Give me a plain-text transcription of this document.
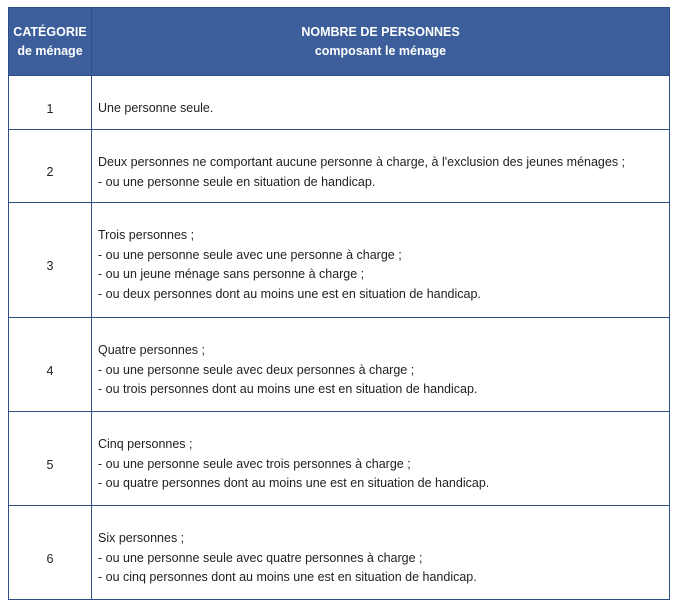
CATÉGORIE
de ménage	NOMBRE DE PERSONNES
composant le ménage

1	Une personne seule.

2	Deux personnes ne comportant aucune personne à charge, à l'exclusion des jeunes ménages ;
- ou une personne seule en situation de handicap.

3	Trois personnes ;
- ou une personne seule avec une personne à charge ;
- ou un jeune ménage sans personne à charge ;
- ou deux personnes dont au moins une est en situation de handicap.

4	Quatre personnes ;
- ou une personne seule avec deux personnes à charge ;
- ou trois personnes dont au moins une est en situation de handicap.

5	Cinq personnes ;
- ou une personne seule avec trois personnes à charge ;
- ou quatre personnes dont au moins une est en situation de handicap.

6	Six personnes ;
- ou une personne seule avec quatre personnes à charge ;
- ou cinq personnes dont au moins une est en situation de handicap.
